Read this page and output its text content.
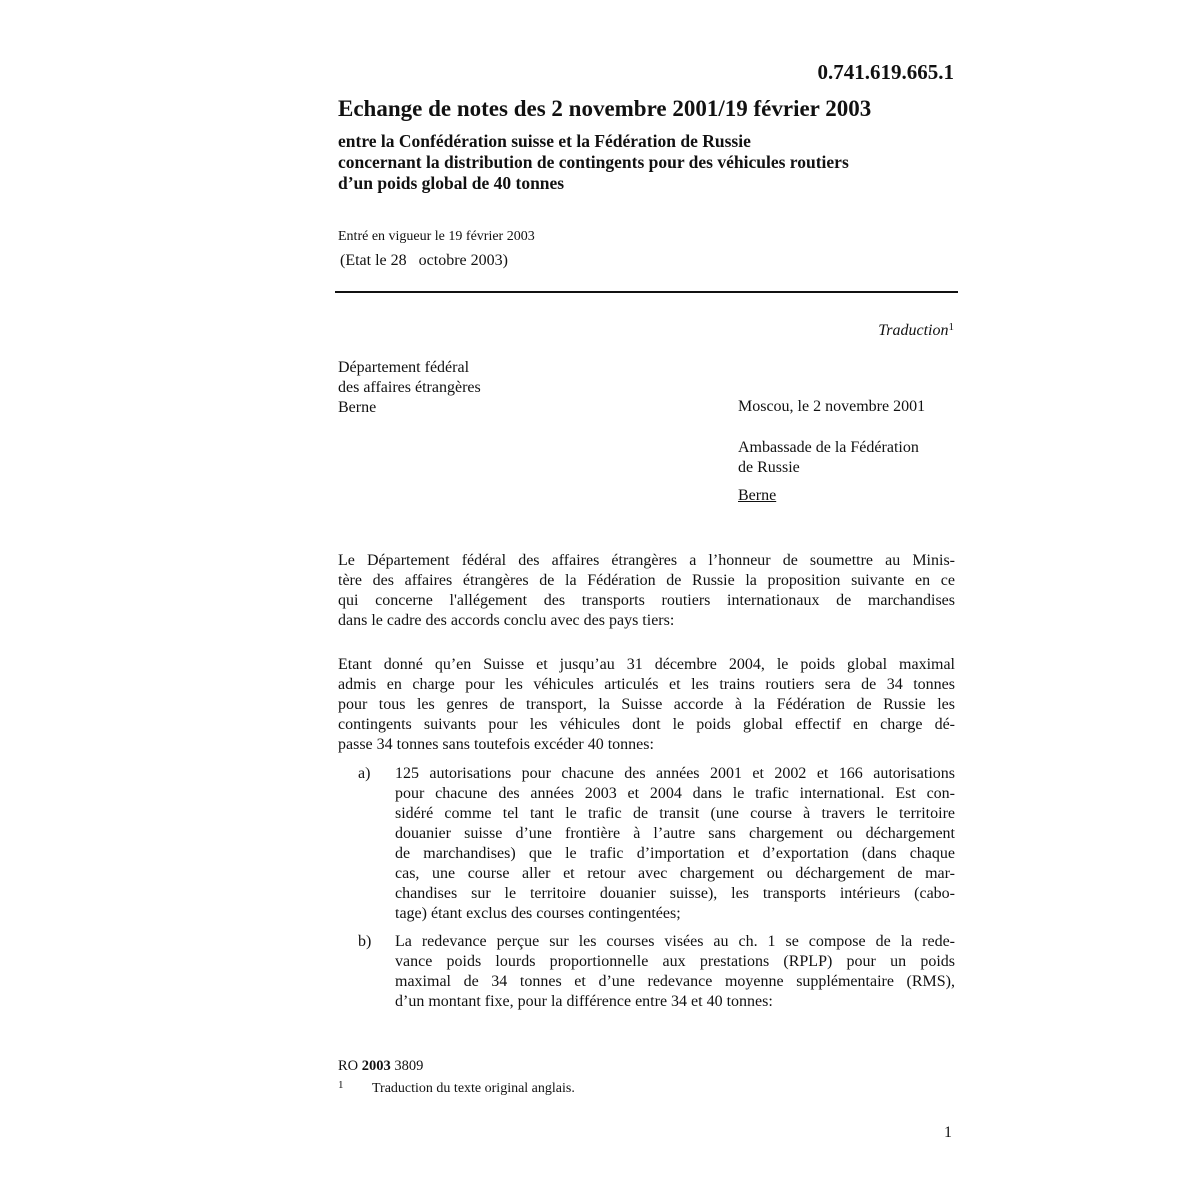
0.741.619.665.1

Echange de notes des 2 novembre 2001/19 février 2003
entre la Confédération suisse et la Fédération de Russie
concernant la distribution de contingents pour des véhicules routiers
d’un poids global de 40 tonnes

Entré en vigueur le 19 février 2003

(Etat le 28   octobre 2003)

Traduction$^1$

Département fédéral
des affaires étrangères
Berne	Moscou, le 2 novembre 2001

Ambassade de la Fédération
de Russie

Berne

Le Département fédéral des affaires étrangères a l’honneur de soumettre au Minis-
tère des affaires étrangères de la Fédération de Russie la proposition suivante en ce
qui concerne l'allégement des transports routiers internationaux de marchandises
dans le cadre des accords conclu avec des pays tiers:
Etant donné qu’en Suisse et jusqu’au 31 décembre 2004, le poids global maximal
admis en charge pour les véhicules articulés et les trains routiers sera de 34 tonnes
pour tous les genres de transport, la Suisse accorde à la Fédération de Russie les
contingents suivants pour les véhicules dont le poids global effectif en charge dé-
passe 34 tonnes sans toutefois excéder 40 tonnes:
a) 125 autorisations pour chacune des années 2001 et 2002 et 166 autorisations
pour chacune des années 2003 et 2004 dans le trafic international. Est con-
sidéré comme tel tant le trafic de transit (une course à travers le territoire
douanier suisse d’une frontière à l’autre sans chargement ou déchargement
de marchandises) que le trafic d’importation et d’exportation (dans chaque
cas, une course aller et retour avec chargement ou déchargement de mar-
chandises sur le territoire douanier suisse), les transports intérieurs (cabo-
tage) étant exclus des courses contingentées;
b) La redevance perçue sur les courses visées au ch. 1 se compose de la rede-
vance poids lourds proportionnelle aux prestations (RPLP) pour un poids
maximal de 34 tonnes et d’une redevance moyenne supplémentaire (RMS),
d’un montant fixe, pour la différence entre 34 et 40 tonnes:

RO 2003 3809

1 Traduction du texte original anglais.

1
